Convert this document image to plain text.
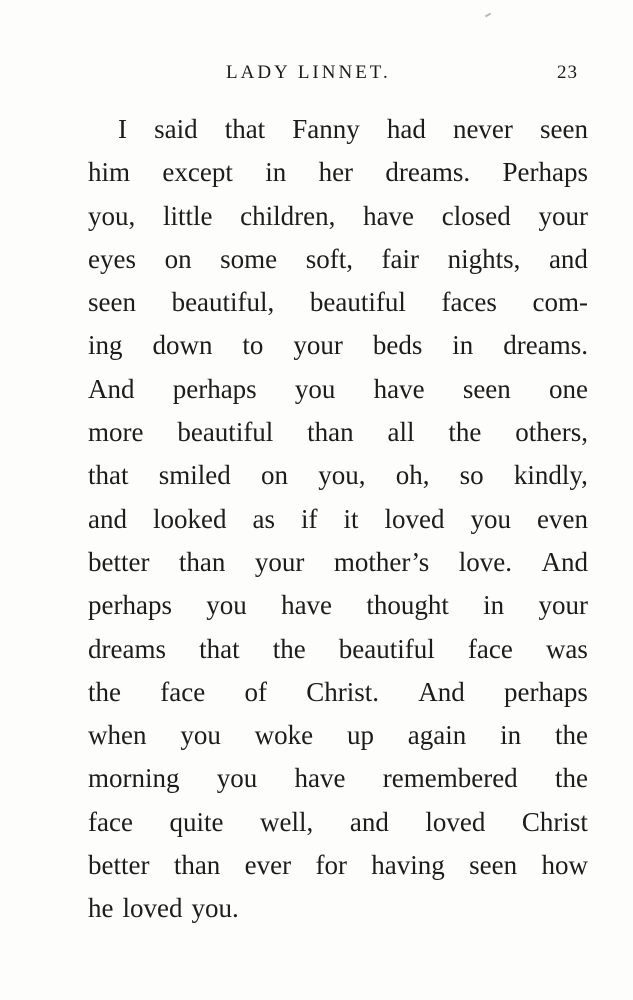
LADY LINNET.	23
I said that Fanny had never seen
him except in her dreams. Perhaps
you, little children, have closed your
eyes on some soft, fair nights, and
seen beautiful, beautiful faces com-
ing down to your beds in dreams.
And perhaps you have seen one
more beautiful than all the others,
that smiled on you, oh, so kindly,
and looked as if it loved you even
better than your mother’s love. And
perhaps you have thought in your
dreams that the beautiful face was
the face of Christ. And perhaps
when you woke up again in the
morning you have remembered the
face quite well, and loved Christ
better than ever for having seen how
he loved you.
